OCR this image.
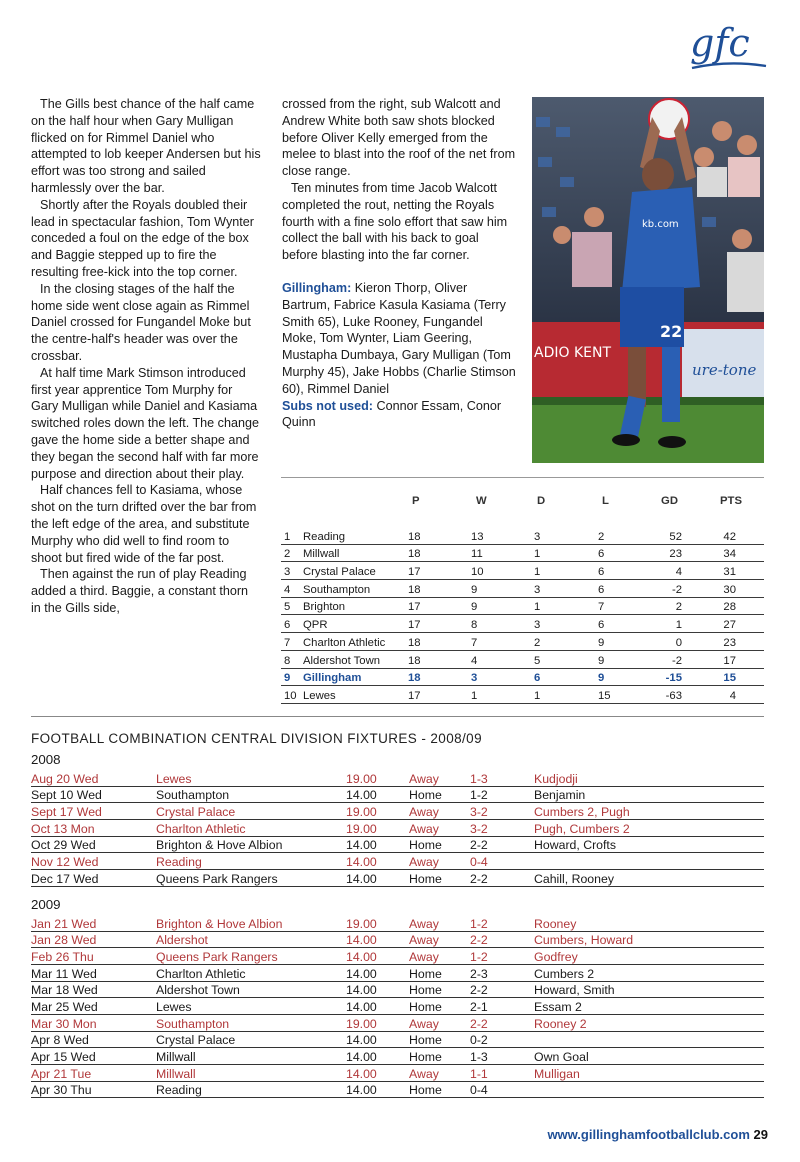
gfc

The Gills best chance of the half came on the half hour when Gary Mulligan flicked on for Rimmel Daniel who attempted to lob keeper Andersen but his effort was too strong and sailed harmlessly over the bar.

Shortly after the Royals doubled their lead in spectacular fashion, Tom Wynter conceded a foul on the edge of the box and Baggie stepped up to fire the resulting free-kick into the top corner.

In the closing stages of the half the home side went close again as Rimmel Daniel crossed for Fungandel Moke but the centre-half's header was over the crossbar.

At half time Mark Stimson introduced first year apprentice Tom Murphy for Gary Mulligan while Daniel and Kasiama switched roles down the left. The change gave the home side a better shape and they began the second half with far more purpose and direction about their play.

Half chances fell to Kasiama, whose shot on the turn drifted over the bar from the left edge of the area, and substitute Murphy who did well to find room to shoot but fired wide of the far post.

Then against the run of play Reading added a third. Baggie, a constant thorn in the Gills side,

crossed from the right, sub Walcott and Andrew White both saw shots blocked before Oliver Kelly emerged from the melee to blast into the roof of the net from close range.

Ten minutes from time Jacob Walcott completed the rout, netting the Royals fourth with a fine solo effort that saw him collect the ball with his back to goal before blasting into the far corner.

Gillingham: Kieron Thorp, Oliver Bartrum, Fabrice Kasula Kasiama (Terry Smith 65), Luke Rooney, Fungandel Moke, Tom Wynter, Liam Geering, Mustapha Dumbaya, Gary Mulligan (Tom Murphy 45), Jake Hobbs (Charlie Stimson 60), Rimmel Daniel

Subs not used: Connor Essam, Conor Quinn

ADIO KENT
ure-tone
kb.com
22
P	W	D	L	GD	PTS
1 Reading	18	13	3	2	52	42
2 Millwall	18	11	1	6	23	34
3 Crystal Palace	17	10	1	6	4	31
4 Southampton	18	9	3	6	-2	30
5 Brighton	17	9	1	7	2	28
6 QPR	17	8	3	6	1	27
7 Charlton Athletic 18	7	2	9	0	23
8 Aldershot Town 18	4	5	9	-2	17
9 Gillingham	18	3	6	9	-15	15
10 Lewes	17	1	1	15	-63	4
FOOTBALL COMBINATION CENTRAL DIVISION FIXTURES - 2008/09
2008
Aug 20 Wed	Lewes	19.00	Away	1-3	Kudjodji
Sept 10 Wed	Southampton	14.00	Home 1-2	Benjamin
Sept 17 Wed	Crystal Palace	19.00	Away	3-2	Cumbers 2, Pugh
Oct 13 Mon	Charlton Athletic	19.00	Away	3-2	Pugh, Cumbers 2
Oct 29 Wed	Brighton & Hove Albion	14.00	Home 2-2	Howard, Crofts
Nov 12 Wed	Reading	14.00	Away	0-4
Dec 17 Wed	Queens Park Rangers	14.00	Home 2-2	Cahill, Rooney
2009
Jan 21 Wed	Brighton & Hove Albion	19.00	Away	1-2	Rooney
Jan 28 Wed	Aldershot	14.00	Away	2-2	Cumbers, Howard
Feb 26 Thu	Queens Park Rangers	14.00	Away	1-2	Godfrey
Mar 11 Wed	Charlton Athletic	14.00	Home 2-3	Cumbers 2
Mar 18 Wed	Aldershot Town	14.00	Home 2-2	Howard, Smith
Mar 25 Wed	Lewes	14.00	Home 2-1	Essam 2
Mar 30 Mon	Southampton	19.00	Away	2-2	Rooney 2
Apr 8 Wed	Crystal Palace	14.00	Home 0-2
Apr 15 Wed	Millwall	14.00	Home 1-3	Own Goal
Apr 21 Tue	Millwall	14.00	Away	1-1	Mulligan
Apr 30 Thu	Reading	14.00	Home 0-4
www.gillinghamfootballclub.com 29
